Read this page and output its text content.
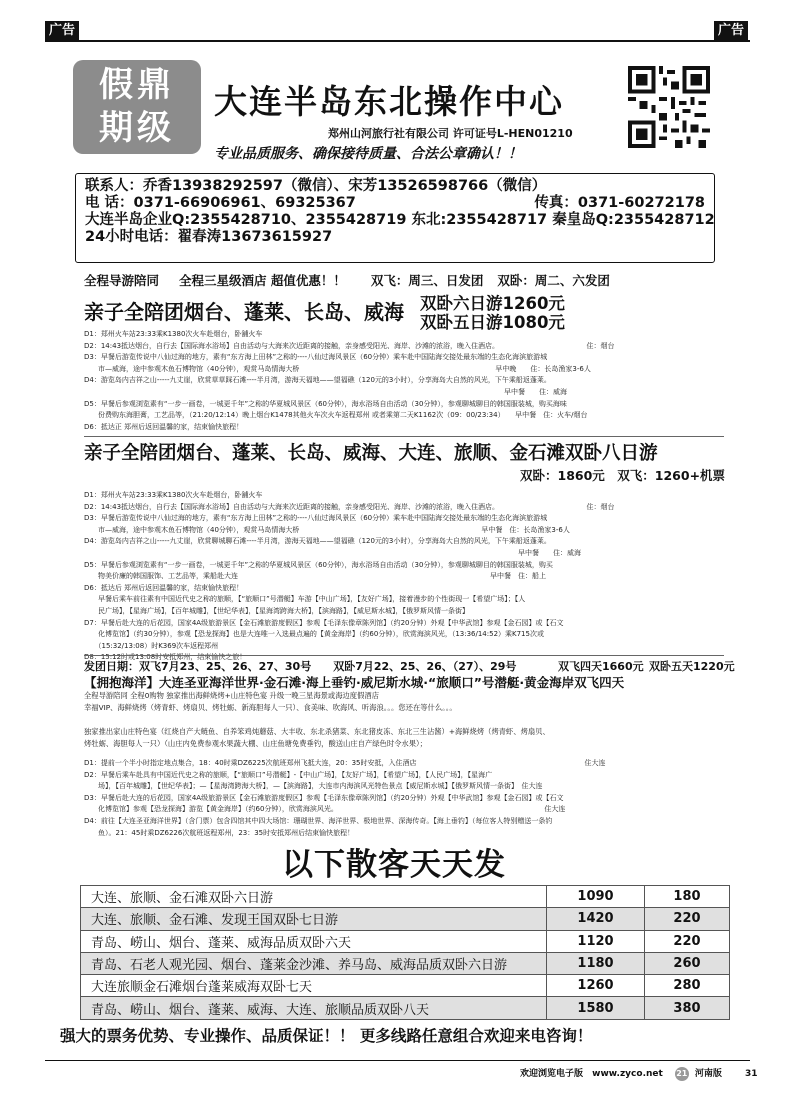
广告	广告
假鼎
期级
大连半岛东北操作中心
郑州山河旅行社有限公司 许可证号L-HEN01210
专业品质服务、确保接待质量、合法公章确认！！
联系人：乔香13938292597（微信）、宋芳13526598766（微信）
电 话：0371-66906961、69325367	传真：0371-60272178
大连半岛企业Q:2355428710、2355428719 东北:2355428717 秦皇岛Q:2355428712
24小时电话：翟春涛13673615927
全程导游陪同 全程三星级酒店 超值优惠！！ 双飞：周三、日发团 双卧：周二、六发团
亲子全陪团烟台、蓬莱、长岛、威海 双卧六日游1260元
双卧五日游1080元

D1：郑州火车站23:33乘K1380次火车赴烟台，卧舖火车

D2：14:43抵达烟台，自行去【国际海水浴场】自由活动与大海来次近距离的接触，亲身感受阳光、海岸、沙滩的浓浴，晚入住酒店。　　　　　　　　　　　　　住：烟台

D3：早餐后游览传说中八仙过海的地方，素有“东方海上田林”之称的----八仙过海风景区（60分钟）乘车赴中国陆海交接处最东端的生态化海滨旅游城

　　市—威海，途中参观木鱼石博物馆（40分钟），观赏马岛情海大桥　　　　　　　　　　　　　　　　　　　　　　　　　　　　早中晚　　住：长岛渔家3-6人

D4：游览岛内吉祥之山-----九丈崖，欣赏草草踩石滩----半月湾，游海天福地——望福礁（120元的3小时），分享海岛大自然的风光，下午乘船返蓬莱。

　　　　　　　　　　　　　　　　　　　　　　　　　　　　　　　　　　　　　　　　　　　　　　　　　　　　　　　　　　　　早中餐　　住：威海

D5：早餐后参观浏览素有“一步一画卷，一城更千年”之称的华夏城风景区（60分钟），海水浴场自由活动（30分钟），参观聊城聊目的韩国服装城，购买海味

　　份费购东海胆膏，工艺品等，（21:20/12:14）晚上烟台K1478其他火车次火车返程郑州 或者乘第二天K1162次（09：00/23:34）　　早中餐　住：火车/烟台

D6：抵达正 郑州后返回温馨的家，结束愉快旅程！

亲子全陪团烟台、蓬莱、长岛、威海、大连、旅顺、金石滩双卧八日游
双卧：1860元　双飞：1260+机票

D1：郑州火车站23:33乘K1380次火车赴烟台，卧舖火车

D2：14:43抵达烟台，自行去【国际海水浴场】自由活动与大海来次近距离的接触，亲身感受阳光、海岸、沙滩的浓浴，晚入住酒店。　　　　　　　　　　　　　住：烟台

D3：早餐后游览传说中八仙过海的地方，素有“东方海上田林”之称的----八仙过海风景区（60分钟）乘车赴中国陆海交接处最东端的生态化海滨旅游城

　　市—威海，途中参观木鱼石博物馆（40分钟），观赏马岛情海大桥　　　　　　　　　　　　　　　　　　　　　　　　　　早中餐　住：长岛渔家3-6人

D4：游览岛内吉祥之山-----九丈崖，欣赏聊城聊石滩----半月湾，游海天福地——望福礁（120元的3小时），分享海岛大自然的风光，下午乘船返蓬莱。

　　　　　　　　　　　　　　　　　　　　　　　　　　　　　　　　　　　　　　　　　　　　　　　　　　　　　　　　　　　　　　早中餐　　住：威海

D5：早餐后参观浏览素有“一步一画卷，一城更千年”之称的华夏城风景区（60分钟），海水浴场自由活动（30分钟），参观聊城聊目的韩国服装城，购买

　　物美价廉的韩国服饰、工艺品等，乘船赴大连　　　　　　　　　　　　　　　　　　　　　　　　　　　　　　　　　　　　早中餐　住：船上

D6：抵达后 郑州后返回温馨的家，结束愉快旅程！

　　早餐后乘车前往素有中国近代史之称的旅顺，【“旅顺口”号潜艇】车游【中山广场】，【友好广场】，接着漫步的个性街现一【希望广场】；【人

　　民广场】，【星海广场】，【百年城雕】，【世纪华表】，【星海湾跨海大桥】，【滨海路】，【威尼斯水城】，【俄罗斯风情一条街】

D7：早餐后赴大连的后花园，国家4A级旅游景区【金石滩旅游度假区】参观【毛泽东像章陈列馆】（约20分钟）外观【中华武馆】参观【金石园】或【石文

　　化博览馆】（约30分钟），参观【恐龙探海】也是大连唯一入选最点遍的【黄金海岸】（约60分钟），欣赏海滨风光，（13:36/14:52）乘K715次或

　　（15:32/13:08）时K369次车返程郑州

D8：15:12时或13:08时安抵郑州，结束愉快之旅！

发团日期：双飞7月23、25、26、27、30号　　双卧7月22、25、26、（27）、29号	双飞四天1660元 双卧五天1220元
【拥抱海洋】大连圣亚海洋世界·金石滩·海上垂钓·威尼斯水城·“旅顺口”号潜艇·黄金海岸双飞四天

全程导游陪同 全程0购物 独家推出海鲜烧烤+山庄特色宴 升级一晚三星海景或海边度假酒店

幸福VIP、海鲜烧烤（烤青虾、烤扇贝、烤牡蛎、新海胆每人一只）、食美味、吹海风、听海浪。。。您还在等什么。。。

独家推出家山庄特色宴（红烧自产大鲢鱼、自养笨鸡炖蘑菇、大丰收、东北杀猪菜、东北猪皮冻、东北三生沾酱）+海鲜烧烤（烤青虾、烤扇贝、

烤牡蛎、海胆每人一只）（山庄内免费参观水果蔬大棚、山庄鱼塘免费垂钓，酸送山庄自产绿色时令水果）；

D1：提前一个半小时指定地点集合，18：40时乘DZ6225次航班郑州飞抵大连，20：35时安抵，入住酒店　　　　　　　　　　　　　　　　　　　　　　　　住大连

D2：早餐后乘车赴具有中国近代史之称的旅顺，【“旅顺口”号潜艇】-【中山广场】，【友好广场】，【希望广场】，【人民广场】，【星海广

　　场】，【百年城雕】，【世纪华表】；—【星海湾跨海大桥】，—【滨海路】，大连市内海滨风光特色景点【威尼斯水城】【俄罗斯风情一条街】　住大连

D3：早餐后赴大连的后花园，国家4A级旅游景区【金石滩旅游度假区】参观【毛泽东像章陈列馆】（约20分钟）外观【中华武馆】参观【金石园】或【石文

　　化博览馆】参观【恐龙探海】游览【黄金海岸】（约60分钟），欣赏海滨风光。　　　　　　　　　　　　　　　　　　　　　　　　　　　　　　住大连

D4：前往【大连圣亚海洋世界】（含门票）包含四馆其中四大场馆：珊瑚世界、海洋世界、极地世界、深海传奇。【海上垂钓】（每位客人特别赠送一条钓

　　鱼）。21：45时乘DZ6226次航班返程郑州，23：35时安抵郑州后结束愉快旅程！

以下散客天天发
大连、旅顺、金石滩双卧六日游	1090	180
大连、旅顺、金石滩、发现王国双卧七日游	1420	220
青岛、崂山、烟台、蓬莱、威海品质双卧六天	1120	220
青岛、石老人观光园、烟台、蓬莱金沙滩、养马岛、威海品质双卧六日游	1180	260
大连旅顺金石滩烟台蓬莱威海双卧七天	1260	280
青岛、崂山、烟台、蓬莱、威海、大连、旅顺品质双卧八天	1580	380
强大的票务优势、专业操作、品质保证！！ 更多线路任意组合欢迎来电咨询！
欢迎浏览电子版 www.zyco.net 21 河南版	31
